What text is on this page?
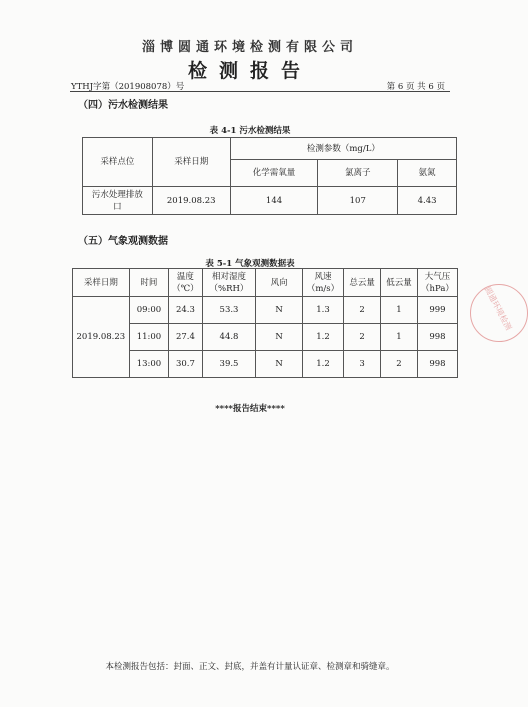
淄博圆通环境检测有限公司
检测报告
YTHJ字第（201908078）号	第 6 页 共 6 页
（四）污水检测结果
表 4-1 污水检测结果
采样点位	采样日期	检测参数（mg/L）		
		化学需氧量	氯离子	氨氮
污水处理排放口	2019.08.23	144	107	4.43
（五）气象观测数据
表 5-1 气象观测数据表
采样日期	时间	温度（℃）	相对湿度（%RH）	风向	风速（m/s）	总云量	低云量	大气压（hPa）
2019.08.23	09:00	24.3	53.3	N	1.3	2	1	999
	11:00	27.4	44.8	N	1.2	2	1	998
	13:00	30.7	39.5	N	1.2	3	2	998
****报告结束****
圆通环境检测
本检测报告包括：封面、正文、封底，并盖有计量认证章、检测章和骑缝章。
